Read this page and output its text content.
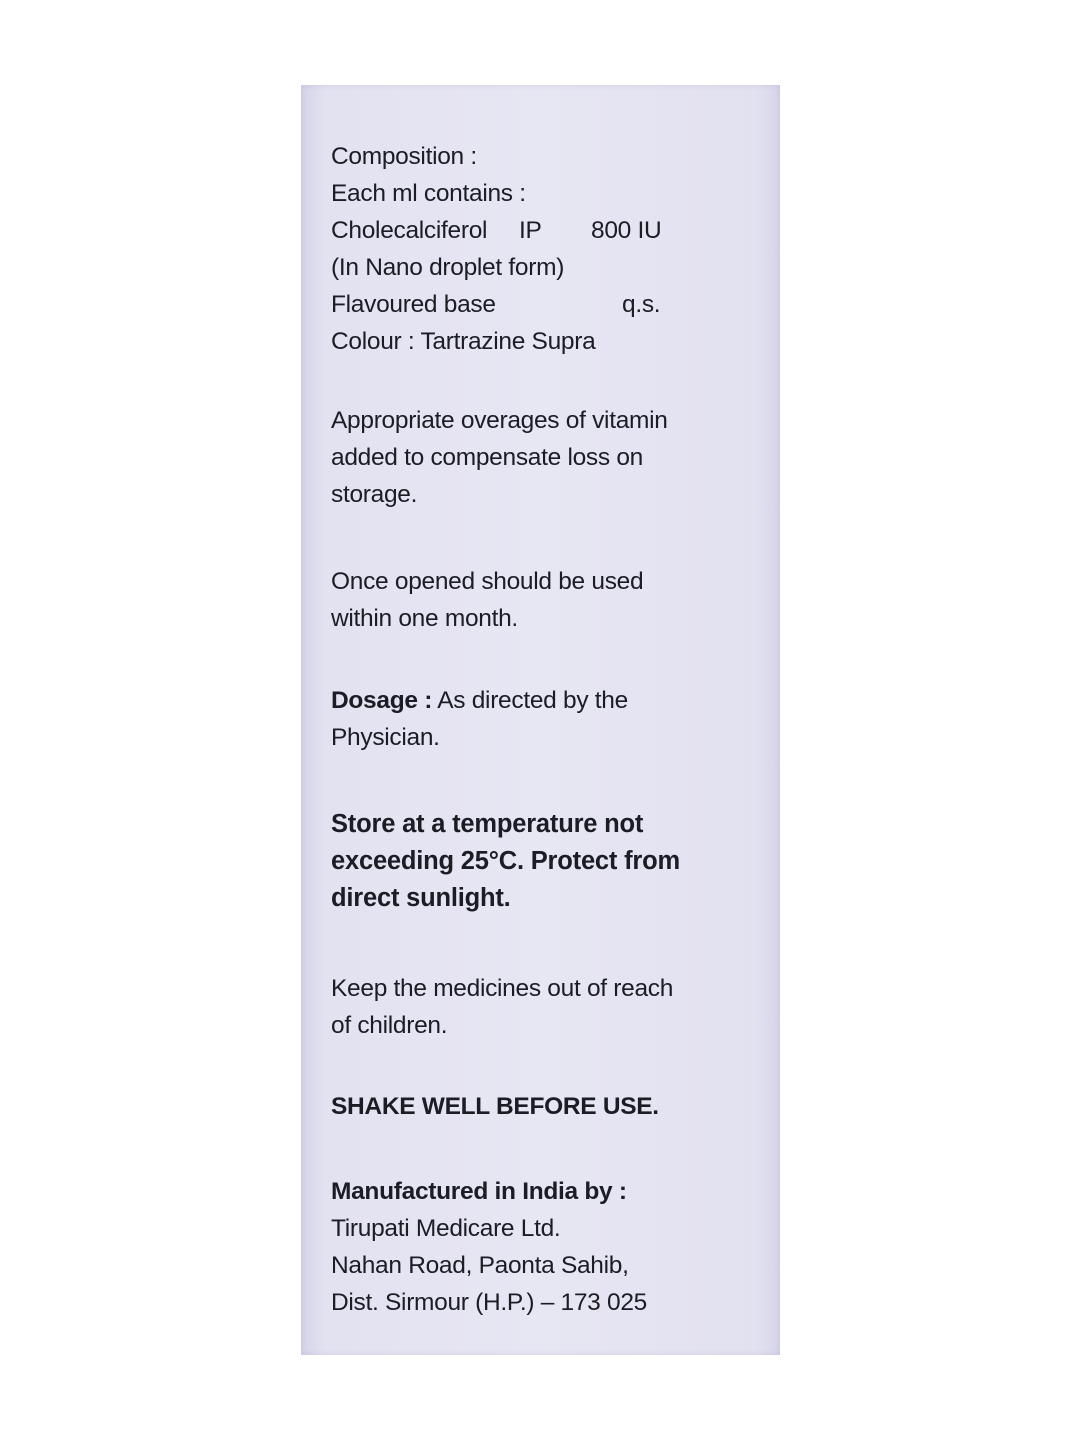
Composition :
Each ml contains :
Cholecalciferol IP 800 IU
(In Nano droplet form)
Flavoured base	q.s.
Colour : Tartrazine Supra
Appropriate overages of vitamin
added to compensate loss on
storage.
Once opened should be used
within one month.
Dosage : As directed by the
Physician.
Store at a temperature not
exceeding 25°C. Protect from
direct sunlight.
Keep the medicines out of reach
of children.
SHAKE WELL BEFORE USE.
Manufactured in India by :
Tirupati Medicare Ltd.
Nahan Road, Paonta Sahib,
Dist. Sirmour (H.P.) – 173 025
